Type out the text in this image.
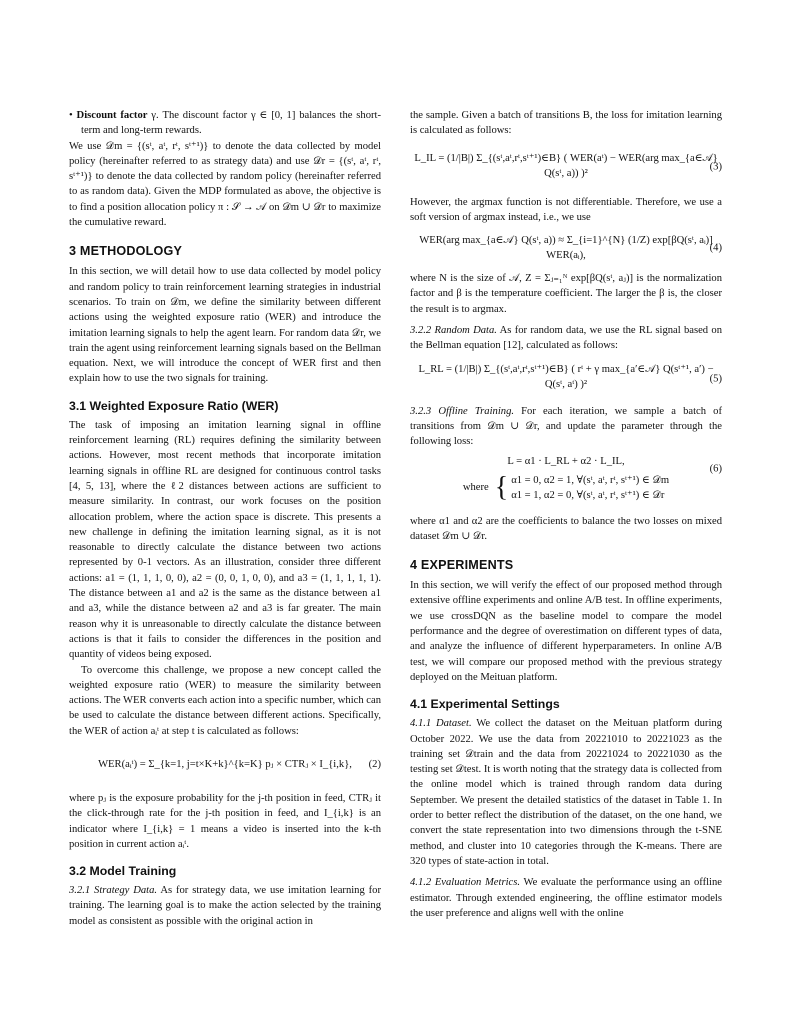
• Discount factor γ. The discount factor γ ∈ [0, 1] balances the short-term and long-term rewards.

We use 𝒟m = {(sᵗ, aᵗ, rᵗ, sᵗ⁺¹)} to denote the data collected by model policy (hereinafter referred to as strategy data) and use 𝒟r = {(sᵗ, aᵗ, rᵗ, sᵗ⁺¹)} to denote the data collected by random policy (hereinafter referred to as random data). Given the MDP formulated as above, the objective is to find a position allocation policy π : 𝒮 → 𝒜 on 𝒟m ∪ 𝒟r to maximize the cumulative reward.

3 METHODOLOGY

In this section, we will detail how to use data collected by model policy and random policy to train reinforcement learning strategies in industrial scenarios. To train on 𝒟m, we define the similarity between different actions using the weighted exposure ratio (WER) and introduce the imitation learning signals to help the agent learn. For random data 𝒟r, we train the agent using reinforcement learning signals based on the Bellman equation. Next, we will introduce the concept of WER first and then explain how to use the two signals for training.

3.1 Weighted Exposure Ratio (WER)

The task of imposing an imitation learning signal in offline reinforcement learning (RL) requires defining the similarity between actions. However, most recent methods that incorporate imitation learning signals in offline RL are designed for continuous control tasks [4, 5, 13], where the ℓ2 distances between actions are sufficient to measure similarity. In contrast, our work focuses on the position allocation problem, where the action space is discrete. This presents a new challenge in defining the imitation learning signal, as it is not reasonable to directly calculate the distance between two actions represented by 0-1 vectors. As an illustration, consider three different actions: a1 = (1, 1, 1, 0, 0), a2 = (0, 0, 1, 0, 0), and a3 = (1, 1, 1, 1, 1). The distance between a1 and a2 is the same as the distance between a1 and a3, while the distance between a2 and a3 is far greater. The main reason why it is unreasonable to directly calculate the distance between actions is that it fails to consider the differences in the position and quantity of videos being exposed.

To overcome this challenge, we propose a new concept called the weighted exposure ratio (WER) to measure the similarity between actions. The WER converts each action into a specific number, which can be used to calculate the distance between different actions. Specifically, the WER of action aᵢᵗ at step t is calculated as follows:

WER(aᵢᵗ) = Σ_{k=1, j=t×K+k}^{k=K} pⱼ × CTRⱼ × I_{i,k}, (2)

where pⱼ is the exposure probability for the j-th position in feed, CTRⱼ it the click-through rate for the j-th position in feed, and I_{i,k} is an indicator where I_{i,k} = 1 means a video is inserted into the k-th position in current action aᵢᵗ.

3.2 Model Training

3.2.1 Strategy Data. As for strategy data, we use imitation learning for training. The learning goal is to make the action selected by the training model as consistent as possible with the original action in

the sample. Given a batch of transitions B, the loss for imitation learning is calculated as follows:

L_IL = (1/|B|) Σ_{(sᵗ,aᵗ,rᵗ,sᵗ⁺¹)∈B} ( WER(aᵗ) − WER(arg max_{a∈𝒜} Q(sᵗ, a)) )²
(3)

However, the argmax function is not differentiable. Therefore, we use a soft version of argmax instead, i.e., we use

WER(arg max_{a∈𝒜} Q(sᵗ, a)) ≈ Σ_{i=1}^{N} (1/Z) exp[βQ(sᵗ, aᵢ)] WER(aᵢ),
(4)

where N is the size of 𝒜, Z = Σⱼ₌₁ᴺ exp[βQ(sᵗ, aⱼ)] is the normalization factor and β is the temperature coefficient. The larger the β is, the closer the result is to argmax.

3.2.2 Random Data. As for random data, we use the RL signal based on the Bellman equation [12], calculated as follows:

L_RL = (1/|B|) Σ_{(sᵗ,aᵗ,rᵗ,sᵗ⁺¹)∈B} ( rᵗ + γ max_{a′∈𝒜} Q(sᵗ⁺¹, a′) − Q(sᵗ, aᵗ) )²	(5)

3.2.3 Offline Training. For each iteration, we sample a batch of transitions from 𝒟m ∪ 𝒟r, and update the parameter through the following loss:

L = α1 · L_RL + α2 · L_IL,
where { α1 = 0, α2 = 1, ∀(sᵗ, aᵗ, rᵗ, sᵗ⁺¹) ∈ 𝒟m
α1 = 1, α2 = 0, ∀(sᵗ, aᵗ, rᵗ, sᵗ⁺¹) ∈ 𝒟r
(6)

where α1 and α2 are the coefficients to balance the two losses on mixed dataset 𝒟m ∪ 𝒟r.

4 EXPERIMENTS

In this section, we will verify the effect of our proposed method through extensive offline experiments and online A/B test. In offline experiments, we use crossDQN as the baseline model to compare the model performance and the degree of overestimation on different types of data, and analyze the influence of different hyperparameters. In online A/B test, we will compare our proposed method with the previous strategy deployed on the Meituan platform.

4.1 Experimental Settings

4.1.1 Dataset. We collect the dataset on the Meituan platform during October 2022. We use the data from 20221010 to 20221023 as the training set 𝒟train and the data from 20221024 to 20221030 as the testing set 𝒟test. It is worth noting that the strategy data is collected from the online model which is trained through random data during September. We present the detailed statistics of the dataset in Table 1. In order to better reflect the distribution of the dataset, on the one hand, we convert the state representation into two dimensions through the t-SNE method, and cluster into 10 categories through the K-means. There are 320 types of state-action in total.

4.1.2 Evaluation Metrics. We evaluate the performance using an offline estimator. Through extended engineering, the offline estimator models the user preference and aligns well with the online
